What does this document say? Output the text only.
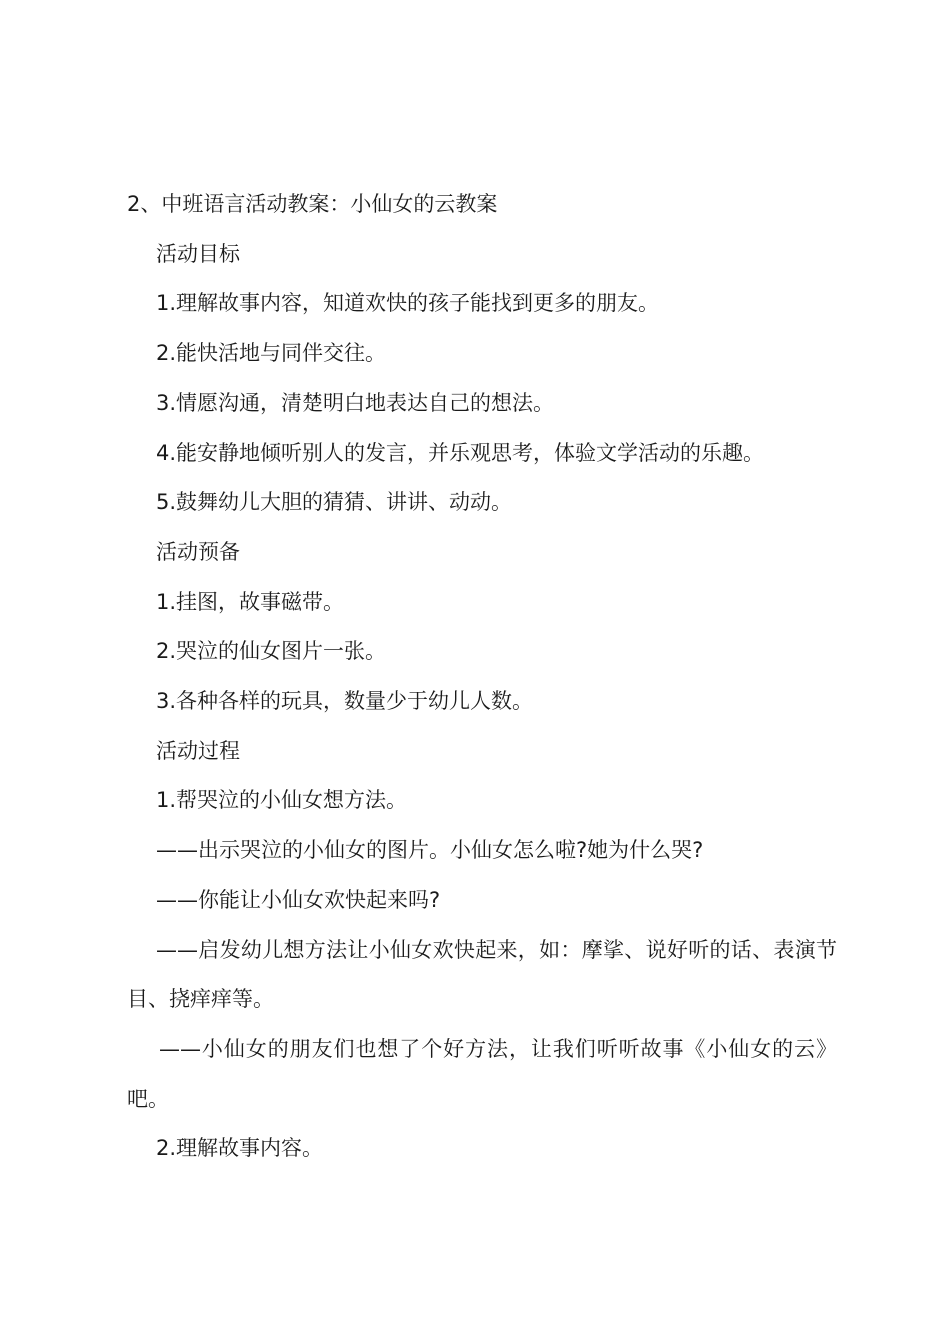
2、中班语言活动教案：小仙女的云教案

活动目标

1.理解故事内容，知道欢快的孩子能找到更多的朋友。

2.能快活地与同伴交往。

3.情愿沟通，清楚明白地表达自己的想法。

4.能安静地倾听别人的发言，并乐观思考，体验文学活动的乐趣。

5.鼓舞幼儿大胆的猜猜、讲讲、动动。

活动预备

1.挂图，故事磁带。

2.哭泣的仙女图片一张。

3.各种各样的玩具，数量少于幼儿人数。

活动过程

1.帮哭泣的小仙女想方法。

——出示哭泣的小仙女的图片。小仙女怎么啦?她为什么哭?

——你能让小仙女欢快起来吗?

——启发幼儿想方法让小仙女欢快起来，如：摩挲、说好听的话、表演节目、挠痒痒等。

——小仙女的朋友们也想了个好方法，让我们听听故事《小仙女的云》吧。

2.理解故事内容。
